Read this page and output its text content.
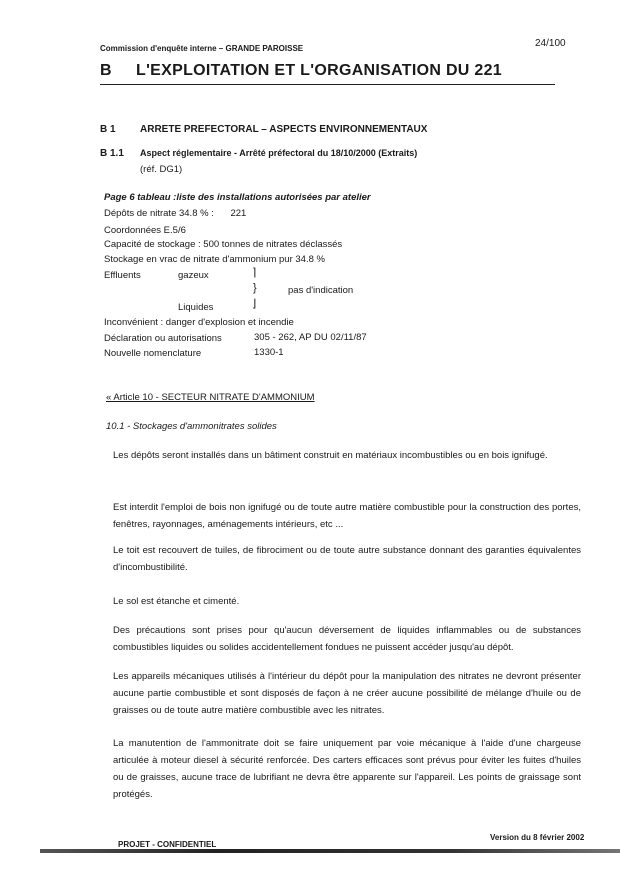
Commission d'enquête interne – GRANDE PAROISSE	24/100
B L'EXPLOITATION ET L'ORGANISATION DU 221
B 1 ARRETE PREFECTORAL – ASPECTS ENVIRONNEMENTAUX
B 1.1 Aspect réglementaire - Arrêté préfectoral du 18/10/2000 (Extraits)
(réf. DG1)
Page 6 tableau :liste des installations autorisées par atelier
Dépôts de nitrate 34.8 % : 221
Coordonnées E.5/6
Capacité de stockage : 500 tonnes de nitrates déclassés
Stockage en vrac de nitrate d'ammonium pur 34.8 %
Effluents	gazeux	⌉
}	pas d'indication
Liquides	⌋
Inconvénient : danger d'explosion et incendie
Déclaration ou autorisations	305 - 262, AP DU 02/11/87
Nouvelle nomenclature	1330-1
« Article 10 - SECTEUR NITRATE D'AMMONIUM
10.1 - Stockages d'ammonitrates solides
Les dépôts seront installés dans un bâtiment construit en matériaux incombustibles ou en bois ignifugé.
Est interdit l'emploi de bois non ignifugé ou de toute autre matière combustible pour la construction des portes, fenêtres, rayonnages, aménagements intérieurs, etc ...
Le toit est recouvert de tuiles, de fibrociment ou de toute autre substance donnant des garanties équivalentes d'incombustibilité.
Le sol est étanche et cimenté.
Des précautions sont prises pour qu'aucun déversement de liquides inflammables ou de substances combustibles liquides ou solides accidentellement fondues ne puissent accéder jusqu'au dépôt.
Les appareils mécaniques utilisés à l'intérieur du dépôt pour la manipulation des nitrates ne devront présenter aucune partie combustible et sont disposés de façon à ne créer aucune possibilité de mélange d'huile ou de graisses ou de toute autre matière combustible avec les nitrates.
La manutention de l'ammonitrate doit se faire uniquement par voie mécanique à l'aide d'une chargeuse articulée à moteur diesel à sécurité renforcée. Des carters efficaces sont prévus pour éviter les fuites d'huiles ou de graisses, aucune trace de lubrifiant ne devra être apparente sur l'appareil. Les points de graissage sont protégés.
PROJET - CONFIDENTIEL
Version du 8 février 2002
